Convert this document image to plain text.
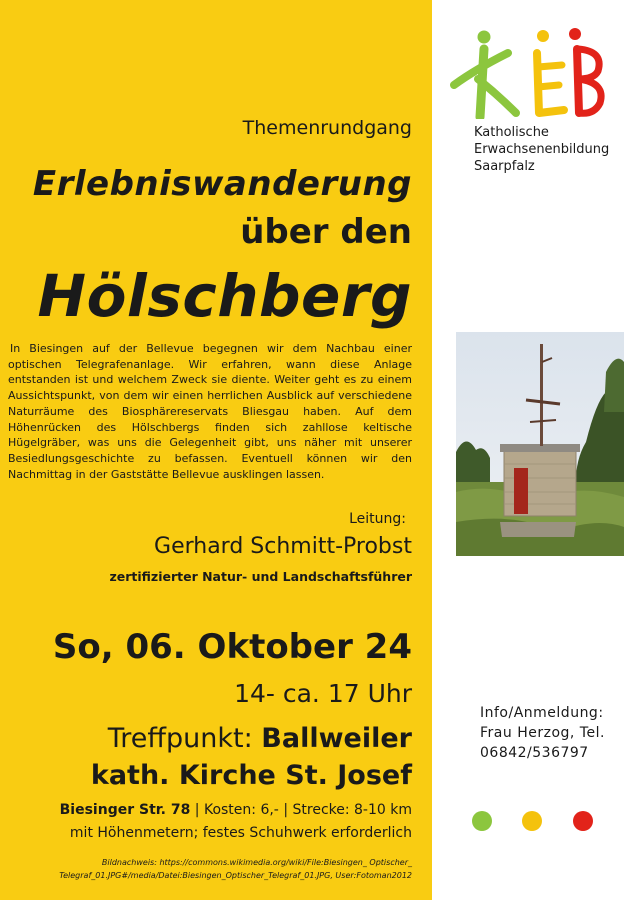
Themenrundgang
Erlebniswanderung
über den
Hölschberg
In Biesingen auf der Bellevue begegnen wir dem Nachbau einer optischen Telegrafenanlage. Wir erfahren, wann diese Anlage entstanden ist und welchem Zweck sie diente. Weiter geht es zu einem Aussichtspunkt, von dem wir einen herrlichen Ausblick auf verschiedene Naturräume des Biosphärereservats Bliesgau haben. Auf dem Höhenrücken des Hölschbergs finden sich zahllose keltische Hügelgräber, was uns die Gelegenheit gibt, uns näher mit unserer Besiedlungsgeschichte zu befassen. Eventuell können wir den Nachmittag in der Gaststätte Bellevue ausklingen lassen.
Leitung:
Gerhard Schmitt-Probst
zertifizierter Natur- und Landschaftsführer
So, 06. Oktober 24
14- ca. 17 Uhr
Treffpunkt: Ballweiler
kath. Kirche St. Josef
Biesinger Str. 78 | Kosten: 6,- | Strecke: 8-10 km
mit Höhenmetern; festes Schuhwerk erforderlich
Bildnachweis: https://commons.wikimedia.org/wiki/File:Biesingen_ Optischer_
Telegraf_01.JPG#/media/Datei:Biesingen_Optischer_Telegraf_01.JPG, User:Fotoman2012
Katholische
Erwachsenenbildung
Saarpfalz
Info/Anmeldung:
Frau Herzog, Tel.
06842/536797
